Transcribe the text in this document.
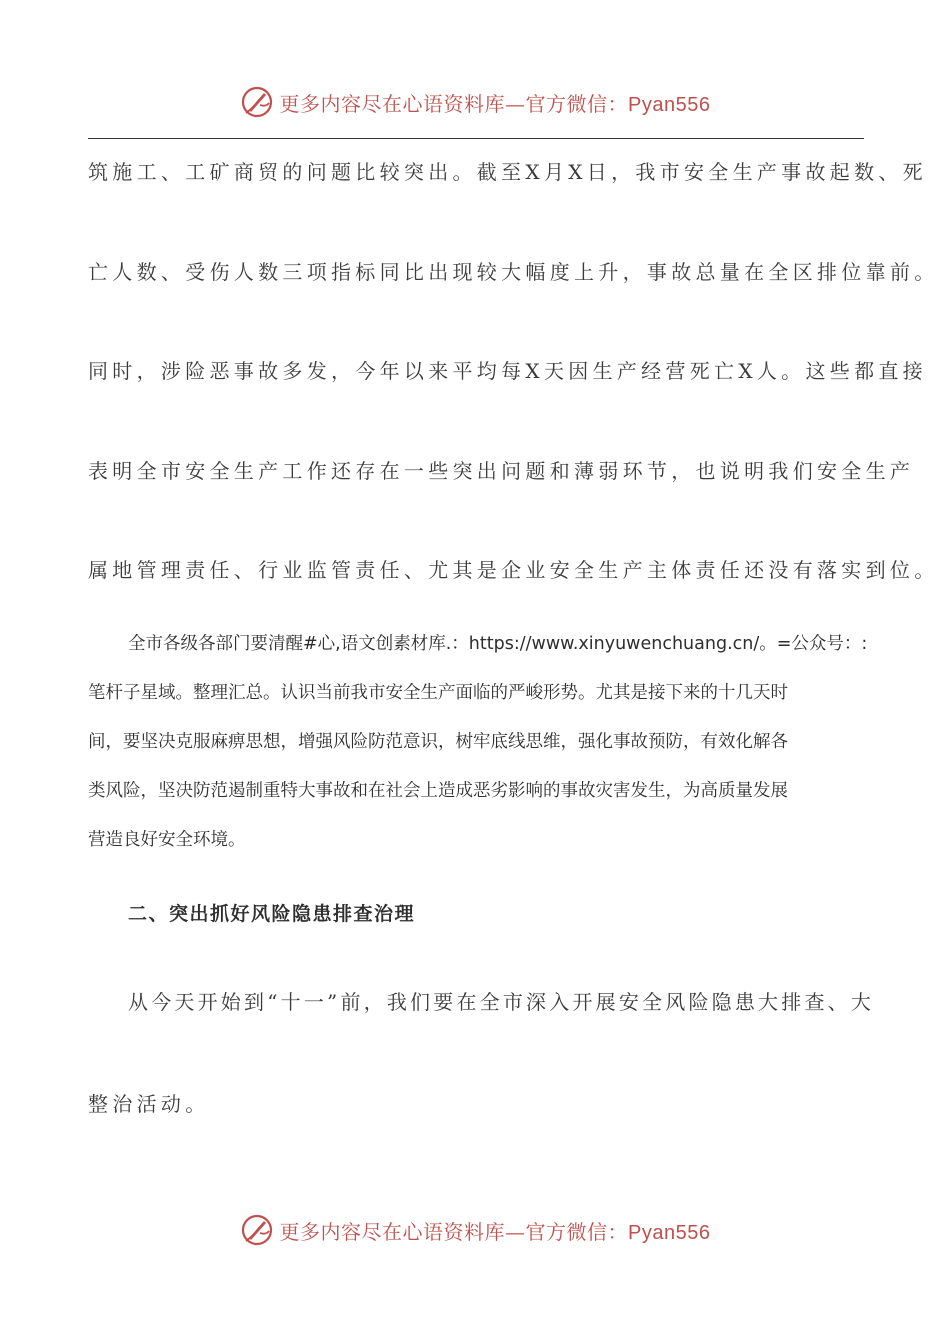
更多内容尽在心语资料库—官方微信：Pyan556
筑施工、工矿商贸的问题比较突出。截至X月X日，我市安全生产事故起数、死
亡人数、受伤人数三项指标同比出现较大幅度上升，事故总量在全区排位靠前。
同时，涉险恶事故多发，今年以来平均每X天因生产经营死亡X人。这些都直接
表明全市安全生产工作还存在一些突出问题和薄弱环节，也说明我们安全生产
属地管理责任、行业监管责任、尤其是企业安全生产主体责任还没有落实到位。
全市各级各部门要清醒#心,语文创素材库.：https://www.xinyuwenchuang.cn/。=公众号：:
笔杆子星域。整理汇总。认识当前我市安全生产面临的严峻形势。尤其是接下来的十几天时
间，要坚决克服麻痹思想，增强风险防范意识，树牢底线思维，强化事故预防，有效化解各
类风险，坚决防范遏制重特大事故和在社会上造成恶劣影响的事故灾害发生，为高质量发展
营造良好安全环境。
二、突出抓好风险隐患排查治理
从今天开始到“十一”前，我们要在全市深入开展安全风险隐患大排查、大
整治活动。
更多内容尽在心语资料库—官方微信：Pyan556
